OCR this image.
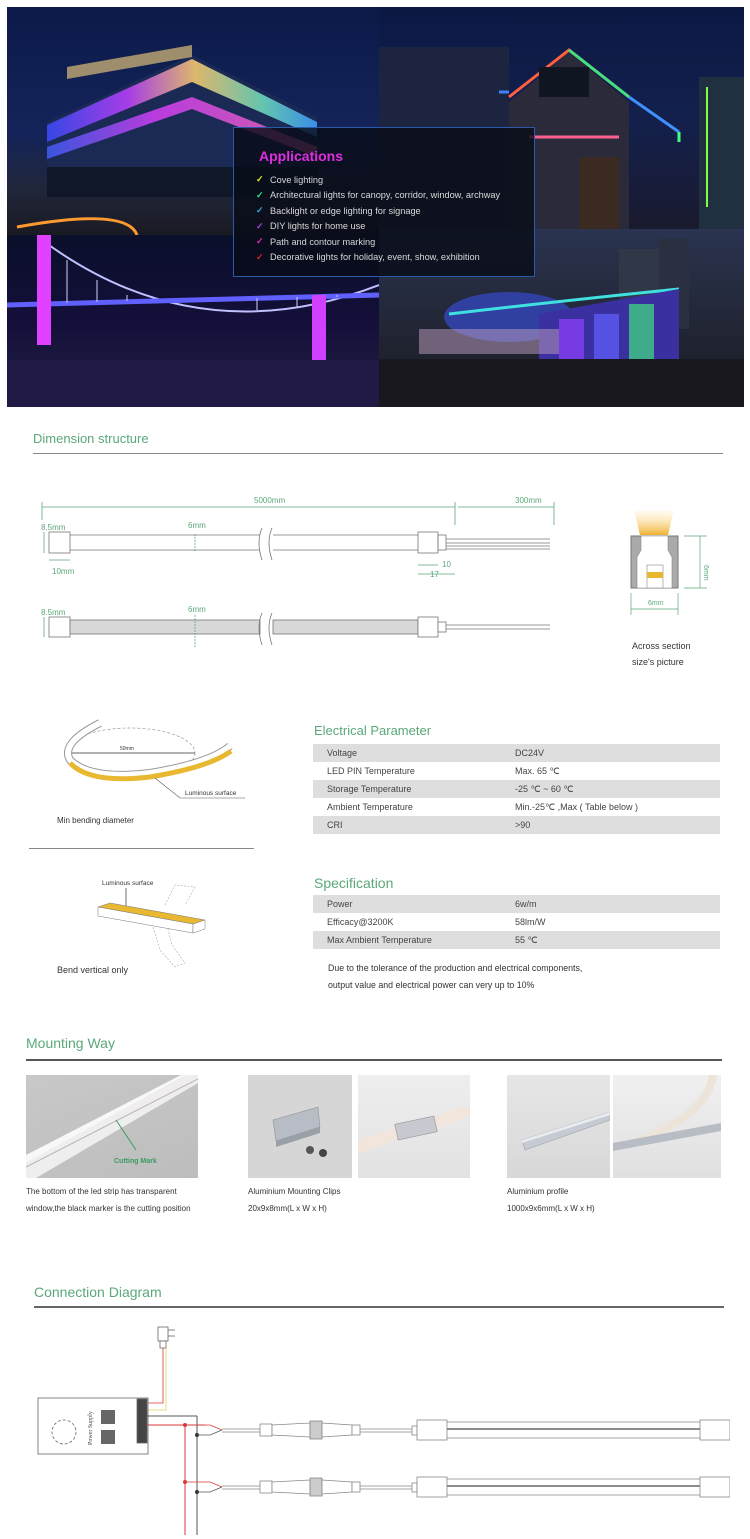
Applications
✓ Cove lighting
✓ Architectural lights for canopy, corridor, window, archway
✓ Backlight or edge lighting for signage
✓ DIY lights for home use
✓ Path and contour marking
✓ Decorative lights for holiday, event, show, exhibition
Dimension structure
5000mm	300mm
8.5mm	6mm
10mm
10
17
8.5mm	6mm
6mm
6mm
Across section
size's picture
50mm
Luminous surface
Min bending diameter
Luminous surface
Bend vertical only
Electrical Parameter
Voltage	DC24V
LED PIN Temperature	Max. 65 ℃
Storage Temperature	-25 ℃ ~ 60 ℃
Ambient Temperature	Min.-25℃ ,Max ( Table below )
CRI	>90
Specification
Power	6w/m
Efficacy@3200K	58lm/W
Max Ambient Temperature	55 ℃
Due to the tolerance of the production and electrical components,
output value and electrical power can very up to 10%
Mounting Way
Cutting Mark
The bottom of the led strip has transparent
window,the black marker is the cutting position
Aluminium Mounting Clips
20x9x8mm(L x W x H)
Aluminium profile
1000x9x6mm(L x W x H)
Connection Diagram
Power Supply
